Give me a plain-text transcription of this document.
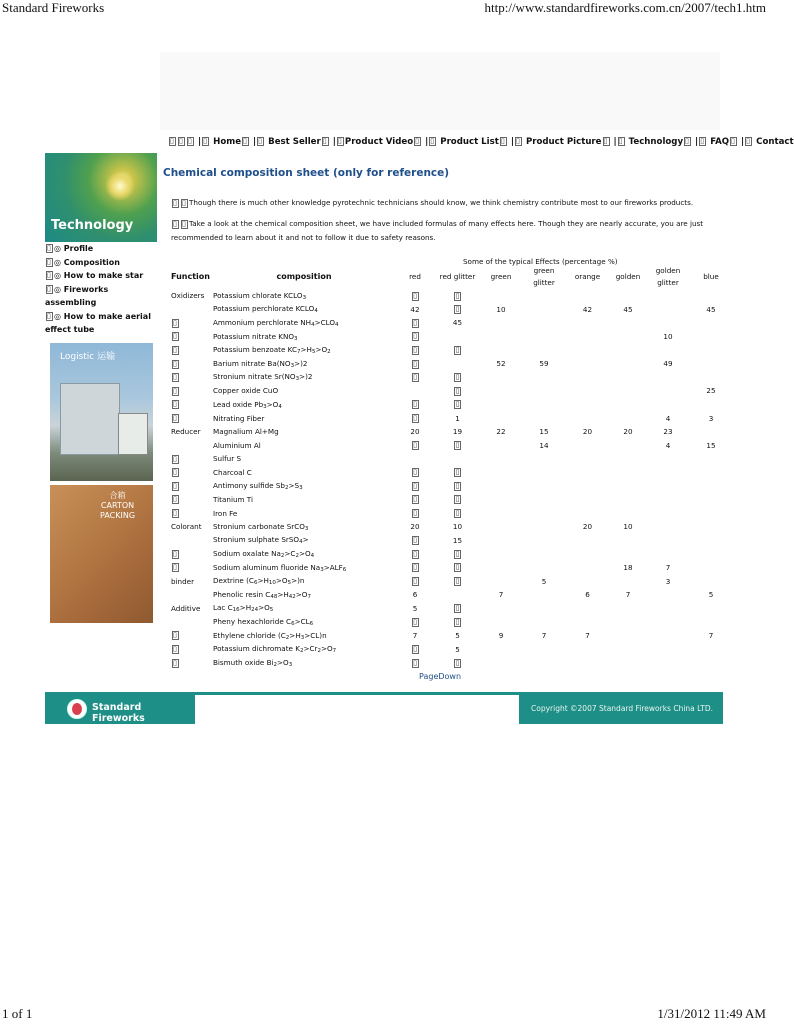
Standard Fireworks	http://www.standardfireworks.com.cn/2007/tech1.htm
▯ ▯ ▯ | ▯ Home ▯ | ▯ Best Seller ▯ | ▯ Product Video ▯ | ▯ Product List ▯ | ▯ Product Picture ▯ | ▯ Technology ▯ | ▯ FAQ ▯ | ▯ Contact
Technology
▯ ◎ Profile
▯ ◎ Composition
▯ ◎ How to make star
▯ ◎ Fireworks assembling
▯ ◎ How to make aerial effect tube
Logistic 运输
合箱
CARTON
PACKING
Chemical composition sheet (only for reference)
▯ ▯ Though there is much other knowledge pyrotechnic technicians should know, we think chemistry contribute most to our fireworks products.
▯ ▯ Take a look at the chemical composition sheet, we have included formulas of many effects here. Though they are nearly accurate, you are just recommended to learn about it and not to follow it due to safety reasons.
Some of the typical Effects (percentage %)
Function	composition	red	red glitter	green	green glitter	orange	golden	golden glitter	blue
Oxidizers	Potassium chlorate $KCLO_3$	▯	▯						
	Potassium perchlorate $KCLO_4$	42	▯	10		42	45		45
▯	Ammonium perchlorate $NH_4>CLO_4$	▯	45						
▯	Potassium nitrate $KNO_3$	▯						10	
▯	Potassium benzoate $KC_7>H_5>O_2$	▯	▯						
▯	Barium nitrate $Ba(NO_3>)2$	▯		52	59			49	
▯	Stronium nitrate $Sr(NO_3>)2$	▯	▯						
▯	Copper oxide CuO		▯						25
▯	Lead oxide $Pb_3>O_4$	▯	▯						
▯	Nitrating Fiber	▯	1					4	3
Reducer	Magnalium Al+Mg	20	19	22	15	20	20	23	
	Aluminium Al	▯	▯		14			4	15
▯	Sulfur S								
▯	Charcoal C	▯	▯						
▯	Antimony sulfide $Sb_2>S_3$	▯	▯						
▯	Titanium Ti	▯	▯						
▯	Iron Fe	▯	▯						
Colorant	Stronium carbonate SrCO$_3$	20	10			20	10		
	Stronium sulphate SrSO$_4$>	▯	15						
▯	Sodium oxalate $Na_2>C_2>O_4$	▯	▯						
▯	Sodium aluminum fluoride $Na_3>ALF_6$	▯	▯				18	7	
binder	Dextrine $(C_6>H_{10}>O_5>)n$	▯	▯		5			3	
	Phenolic resin $C_{48}>H_{42}>O_7$	6		7		6	7		5
Additive	Lac $C_{16}>H_{24}>O_5$	5	▯						
	Pheny hexachloride $C_6>CL_6$	▯	▯						
▯	Ethylene chloride $(C_2>H_3>CL)n$	7	5	9	7	7			7
▯	Potassium dichromate $K_2>Cr_2>O_7$	▯	5						
▯	Bismuth oxide $Bi_2>O_3$	▯	▯						
PageDown
Standard Fireworks
Copyright ©2007 Standard Fireworks China LTD.
1 of 1	1/31/2012 11:49 AM
